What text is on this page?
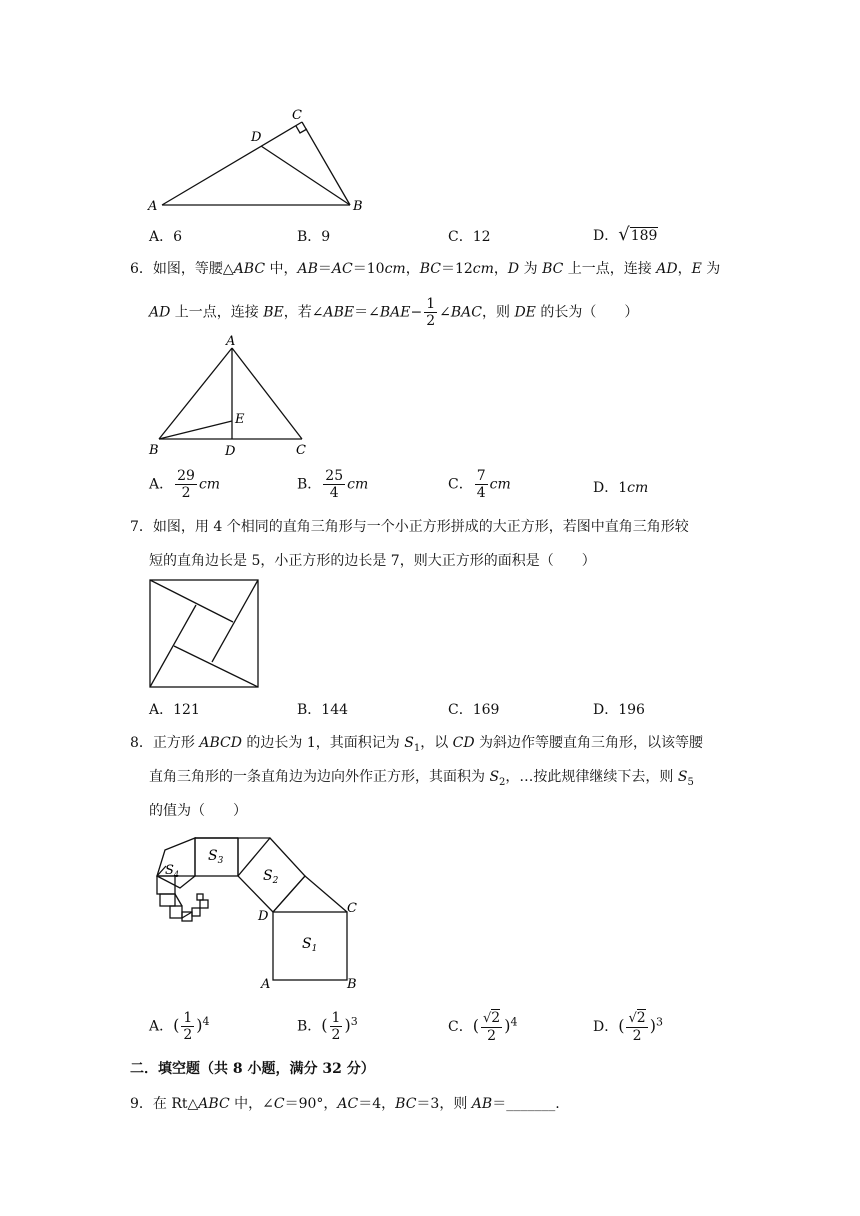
A	B
C
D
A．6	B．9	C．12	D．√189
6．如图，等腰△ABC 中，AB＝AC＝10cm，BC＝12cm，D 为 BC 上一点，连接 AD，E 为
AD 上一点，连接 BE，若∠ABE＝∠BAE− $\frac{1}{2}$ ∠BAC，则 DE 的长为（　　）
A
B	C
D
E
A． $\frac{29}{2}$ cm	B． $\frac{25}{4}$ cm	C． $\frac{7}{4}$ cm	D．1cm
7．如图，用 4 个相同的直角三角形与一个小正方形拼成的大正方形，若图中直角三角形较
短的直角边长是 5，小正方形的边长是 7，则大正方形的面积是（　　）
A．121	B．144	C．169	D．196
8．正方形 ABCD 的边长为 1，其面积记为 $S_1$，以 CD 为斜边作等腰直角三角形，以该等腰
直角三角形的一条直角边为边向外作正方形，其面积为 $S_2$，…按此规律继续下去，则 $S_5$
的值为（　　）
$S_1$
$S_2$
$S_3$
$S_4$
A	B
C
D
A．( $\frac{1}{2} )^4$	B．( $\frac{1}{2} )^3$	C．( $\frac{√2}{2} )^4$	D．( $\frac{√2}{2} )^3$
二．填空题（共 8 小题，满分 32 分）
9．在 Rt△ABC 中，∠C＝90°，AC＝4，BC＝3，则 AB＝_______.
